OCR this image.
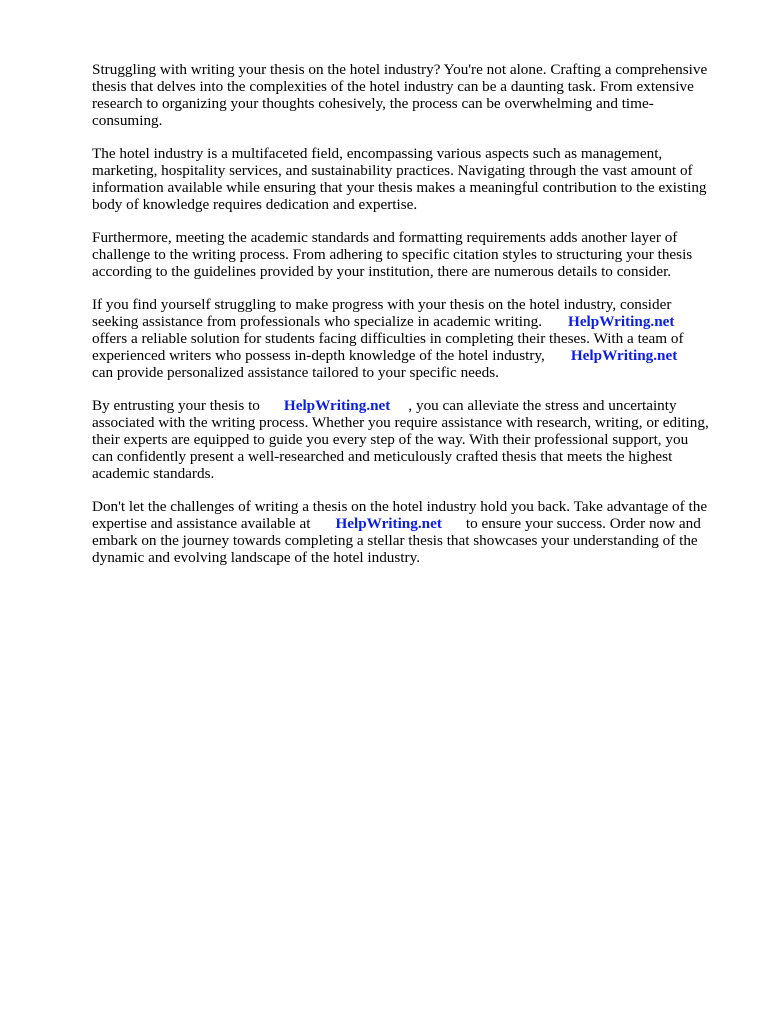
Struggling with writing your thesis on the hotel industry? You're not alone. Crafting a comprehensive
thesis that delves into the complexities of the hotel industry can be a daunting task. From extensive
research to organizing your thoughts cohesively, the process can be overwhelming and time-
consuming.
The hotel industry is a multifaceted field, encompassing various aspects such as management,
marketing, hospitality services, and sustainability practices. Navigating through the vast amount of
information available while ensuring that your thesis makes a meaningful contribution to the existing
body of knowledge requires dedication and expertise.
Furthermore, meeting the academic standards and formatting requirements adds another layer of
challenge to the writing process. From adhering to specific citation styles to structuring your thesis
according to the guidelines provided by your institution, there are numerous details to consider.
If you find yourself struggling to make progress with your thesis on the hotel industry, consider
seeking assistance from professionals who specialize in academic writing. HelpWriting.net
offers a reliable solution for students facing difficulties in completing their theses. With a team of
experienced writers who possess in-depth knowledge of the hotel industry, HelpWriting.net
can provide personalized assistance tailored to your specific needs.
By entrusting your thesis to HelpWriting.net , you can alleviate the stress and uncertainty
associated with the writing process. Whether you require assistance with research, writing, or editing,
their experts are equipped to guide you every step of the way. With their professional support, you
can confidently present a well-researched and meticulously crafted thesis that meets the highest
academic standards.
Don't let the challenges of writing a thesis on the hotel industry hold you back. Take advantage of the
expertise and assistance available at HelpWriting.net to ensure your success. Order now and
embark on the journey towards completing a stellar thesis that showcases your understanding of the
dynamic and evolving landscape of the hotel industry.
